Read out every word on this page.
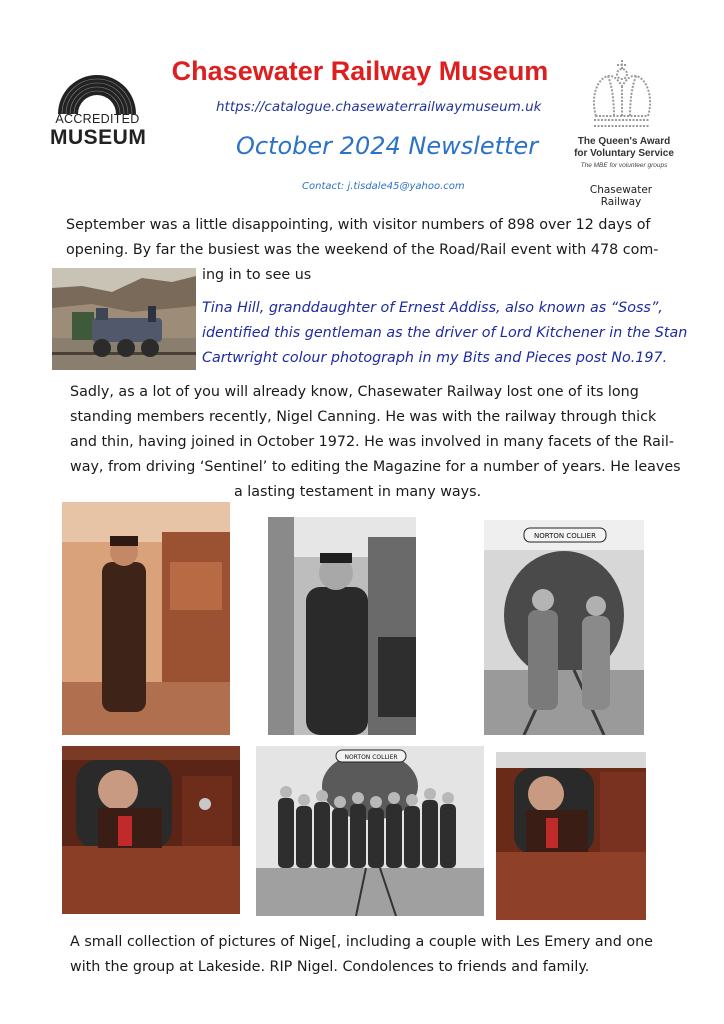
ACCREDITED
MUSEUM
Chasewater Railway Museum
https://catalogue.chasewaterrailwaymuseum.uk
October 2024 Newsletter
Contact: j.tisdale45@yahoo.com
The Queen's Award
for Voluntary Service
The MBE for volunteer groups
Chasewater Railway
September was a little disappointing, with visitor numbers of 898 over 12 days of
opening. By far the busiest was the weekend of the Road/Rail event with 478 com-
ing in to see us
Tina Hill, granddaughter of Ernest Addiss, also known as “Soss”,
identified this gentleman as the driver of Lord Kitchener in the Stan
Cartwright colour photograph in my Bits and Pieces post No.197.
Sadly, as a lot of you will already know, Chasewater Railway lost one of its long
standing members recently, Nigel Canning. He was with the railway through thick
and thin, having joined in October 1972. He was involved in many facets of the Rail-
way, from driving ‘Sentinel’ to editing the Magazine for a number of years. He leaves
a lasting testament in many ways.
NORTON COLLIER
NORTON COLLIER
A small collection of pictures of Nige[, including a couple with Les Emery and one
with the group at Lakeside. RIP Nigel. Condolences to friends and family.
